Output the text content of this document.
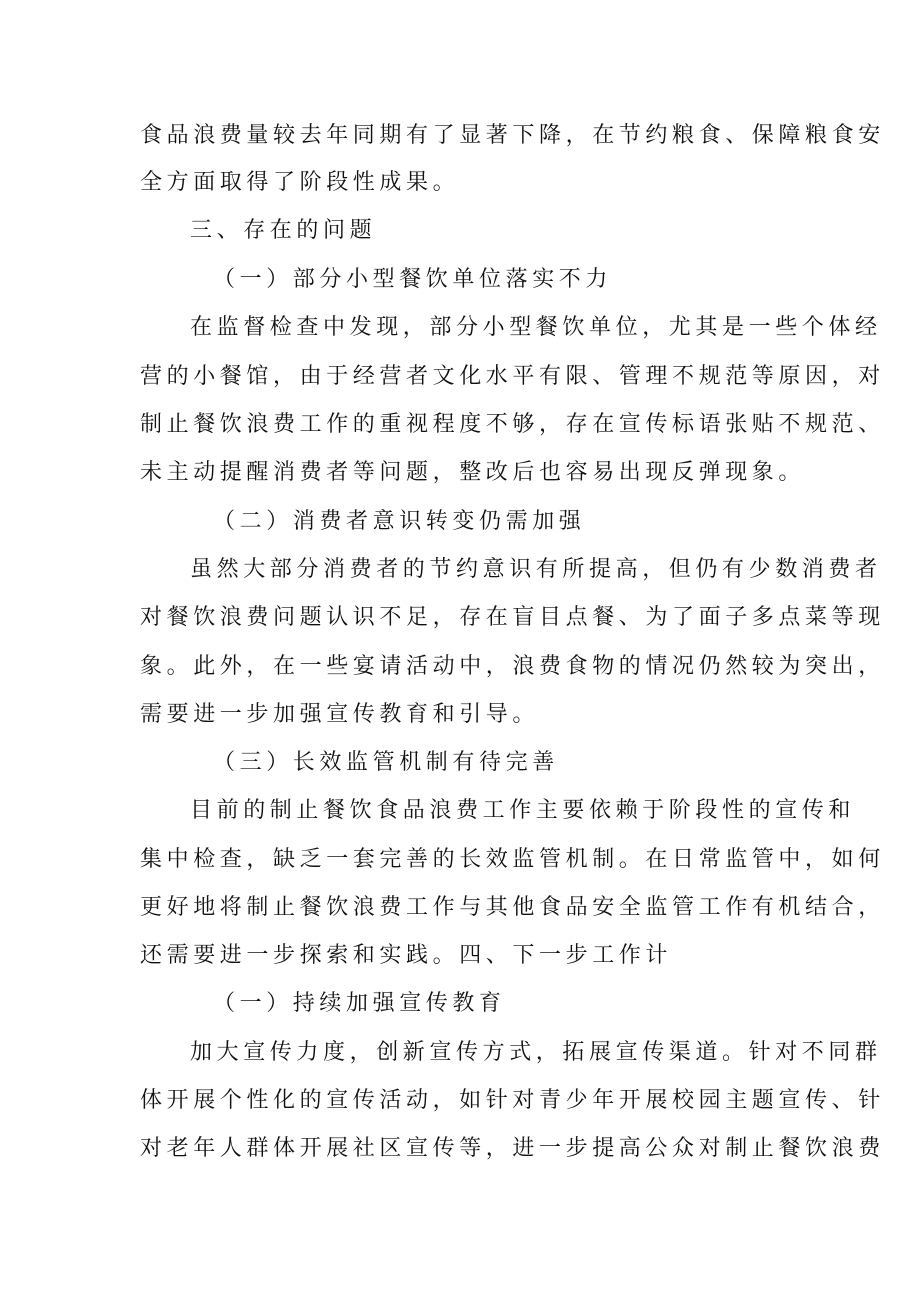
食品浪费量较去年同期有了显著下降，在节约粮食、保障粮食安
全方面取得了阶段性成果。
三、存在的问题
（一）部分小型餐饮单位落实不力
在监督检查中发现，部分小型餐饮单位，尤其是一些个体经
营的小餐馆，由于经营者文化水平有限、管理不规范等原因，对
制止餐饮浪费工作的重视程度不够，存在宣传标语张贴不规范、
未主动提醒消费者等问题，整改后也容易出现反弹现象。
（二）消费者意识转变仍需加强
虽然大部分消费者的节约意识有所提高，但仍有少数消费者
对餐饮浪费问题认识不足，存在盲目点餐、为了面子多点菜等现
象。此外，在一些宴请活动中，浪费食物的情况仍然较为突出，
需要进一步加强宣传教育和引导。
（三）长效监管机制有待完善
目前的制止餐饮食品浪费工作主要依赖于阶段性的宣传和
集中检查，缺乏一套完善的长效监管机制。在日常监管中，如何
更好地将制止餐饮浪费工作与其他食品安全监管工作有机结合，
还需要进一步探索和实践。四、下一步工作计
（一）持续加强宣传教育
加大宣传力度，创新宣传方式，拓展宣传渠道。针对不同群
体开展个性化的宣传活动，如针对青少年开展校园主题宣传、针
对老年人群体开展社区宣传等，进一步提高公众对制止餐饮浪费
